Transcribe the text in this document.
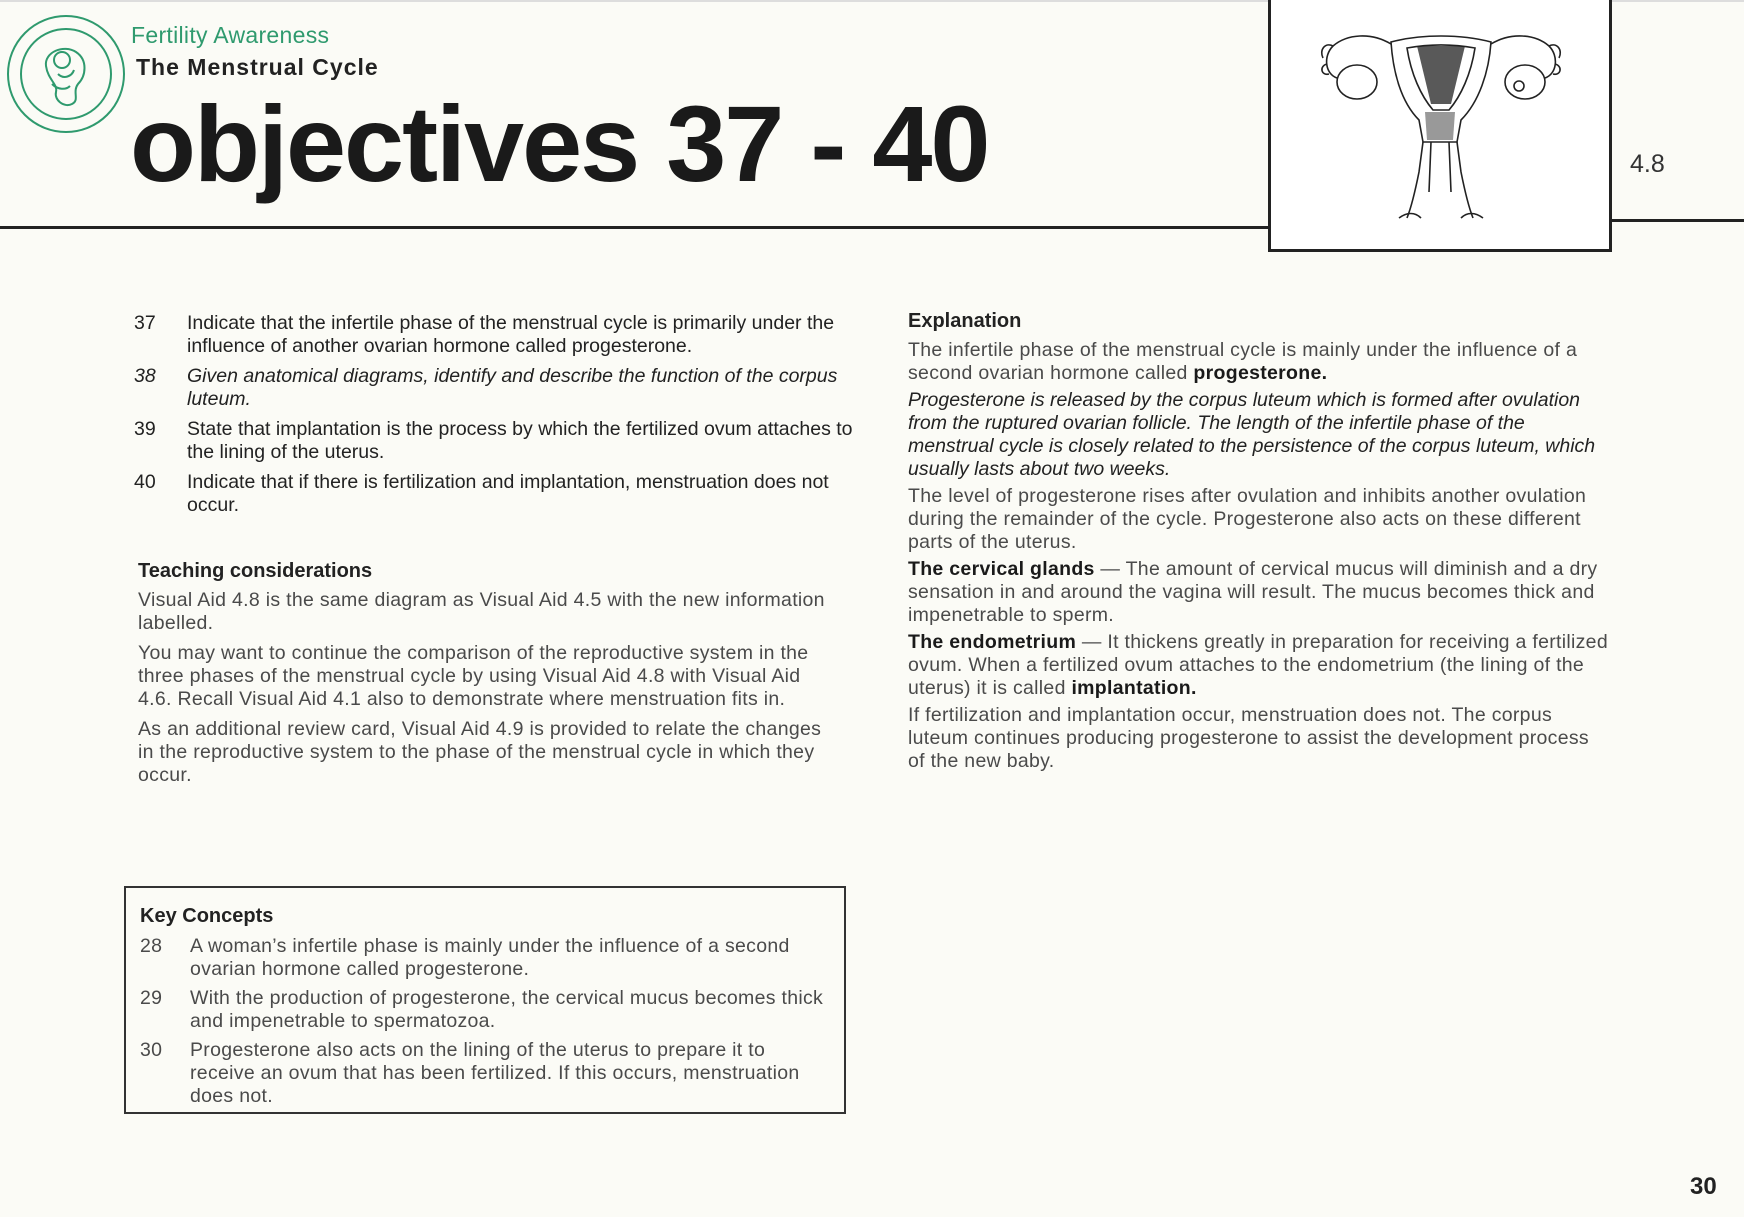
Fertility Awareness
The Menstrual Cycle
objectives 37 - 40	4.8
37	Indicate that the infertile phase of the menstrual cycle is primarily under the influence of another ovarian hormone called progesterone.
38	Given anatomical diagrams, identify and describe the function of the corpus luteum.
39	State that implantation is the process by which the fertilized ovum attaches to the lining of the uterus.
40	Indicate that if there is fertilization and implantation, menstruation does not occur.
Teaching considerations

Visual Aid 4.8 is the same diagram as Visual Aid 4.5 with the new information labelled.

You may want to continue the comparison of the reproductive system in the three phases of the menstrual cycle by using Visual Aid 4.8 with Visual Aid 4.6. Recall Visual Aid 4.1 also to demonstrate where menstruation fits in.

As an additional review card, Visual Aid 4.9 is provided to relate the changes in the reproductive system to the phase of the menstrual cycle in which they occur.

Key Concepts
28	A woman’s infertile phase is mainly under the influence of a second ovarian hormone called progesterone.
29	With the production of progesterone, the cervical mucus becomes thick and impenetrable to spermatozoa.
30	Progesterone also acts on the lining of the uterus to prepare it to receive an ovum that has been fertilized. If this occurs, menstruation does not.
Explanation

The infertile phase of the menstrual cycle is mainly under the influence of a second ovarian hormone called progesterone.

Progesterone is released by the corpus luteum which is formed after ovulation from the ruptured ovarian follicle. The length of the infertile phase of the menstrual cycle is closely related to the persistence of the corpus luteum, which usually lasts about two weeks.

The level of progesterone rises after ovulation and inhibits another ovulation during the remainder of the cycle. Progesterone also acts on these different parts of the uterus.

The cervical glands — The amount of cervical mucus will diminish and a dry sensation in and around the vagina will result. The mucus becomes thick and impenetrable to sperm.

The endometrium — It thickens greatly in preparation for receiving a fertilized ovum. When a fertilized ovum attaches to the endometrium (the lining of the uterus) it is called implantation.

If fertilization and implantation occur, menstruation does not. The corpus luteum continues producing progesterone to assist the development process of the new baby.

30
